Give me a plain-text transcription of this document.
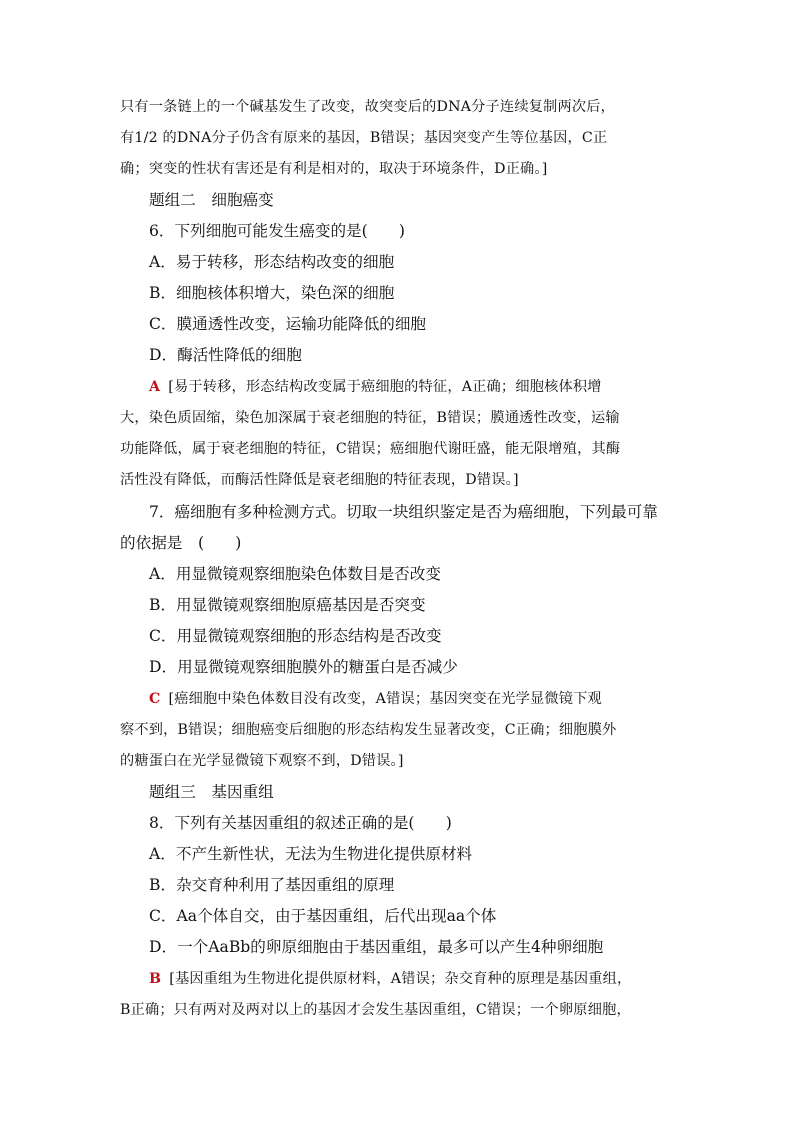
只有一条链上的一个碱基发生了改变，故突变后的DNA分子连续复制两次后，
有1/2 的DNA分子仍含有原来的基因，B错误；基因突变产生等位基因，C正
确；突变的性状有害还是有利是相对的，取决于环境条件，D正确。]
题组二　细胞癌变
6．下列细胞可能发生癌变的是(　　)
A．易于转移，形态结构改变的细胞
B．细胞核体积增大，染色深的细胞
C．膜通透性改变，运输功能降低的细胞
D．酶活性降低的细胞
A [易于转移，形态结构改变属于癌细胞的特征，A正确；细胞核体积增
大，染色质固缩，染色加深属于衰老细胞的特征，B错误；膜通透性改变，运输
功能降低，属于衰老细胞的特征，C错误；癌细胞代谢旺盛，能无限增殖，其酶
活性没有降低，而酶活性降低是衰老细胞的特征表现，D错误。]
7．癌细胞有多种检测方式。切取一块组织鉴定是否为癌细胞，下列最可靠
的依据是　(　　)
A．用显微镜观察细胞染色体数目是否改变
B．用显微镜观察细胞原癌基因是否突变
C．用显微镜观察细胞的形态结构是否改变
D．用显微镜观察细胞膜外的糖蛋白是否减少
C [癌细胞中染色体数目没有改变，A错误；基因突变在光学显微镜下观
察不到，B错误；细胞癌变后细胞的形态结构发生显著改变，C正确；细胞膜外
的糖蛋白在光学显微镜下观察不到，D错误。]
题组三　基因重组
8．下列有关基因重组的叙述正确的是(　　)
A．不产生新性状，无法为生物进化提供原材料
B．杂交育种利用了基因重组的原理
C．Aa个体自交，由于基因重组，后代出现aa个体
D．一个AaBb的卵原细胞由于基因重组，最多可以产生4种卵细胞
B [基因重组为生物进化提供原材料，A错误；杂交育种的原理是基因重组，
B正确；只有两对及两对以上的基因才会发生基因重组，C错误；一个卵原细胞，
